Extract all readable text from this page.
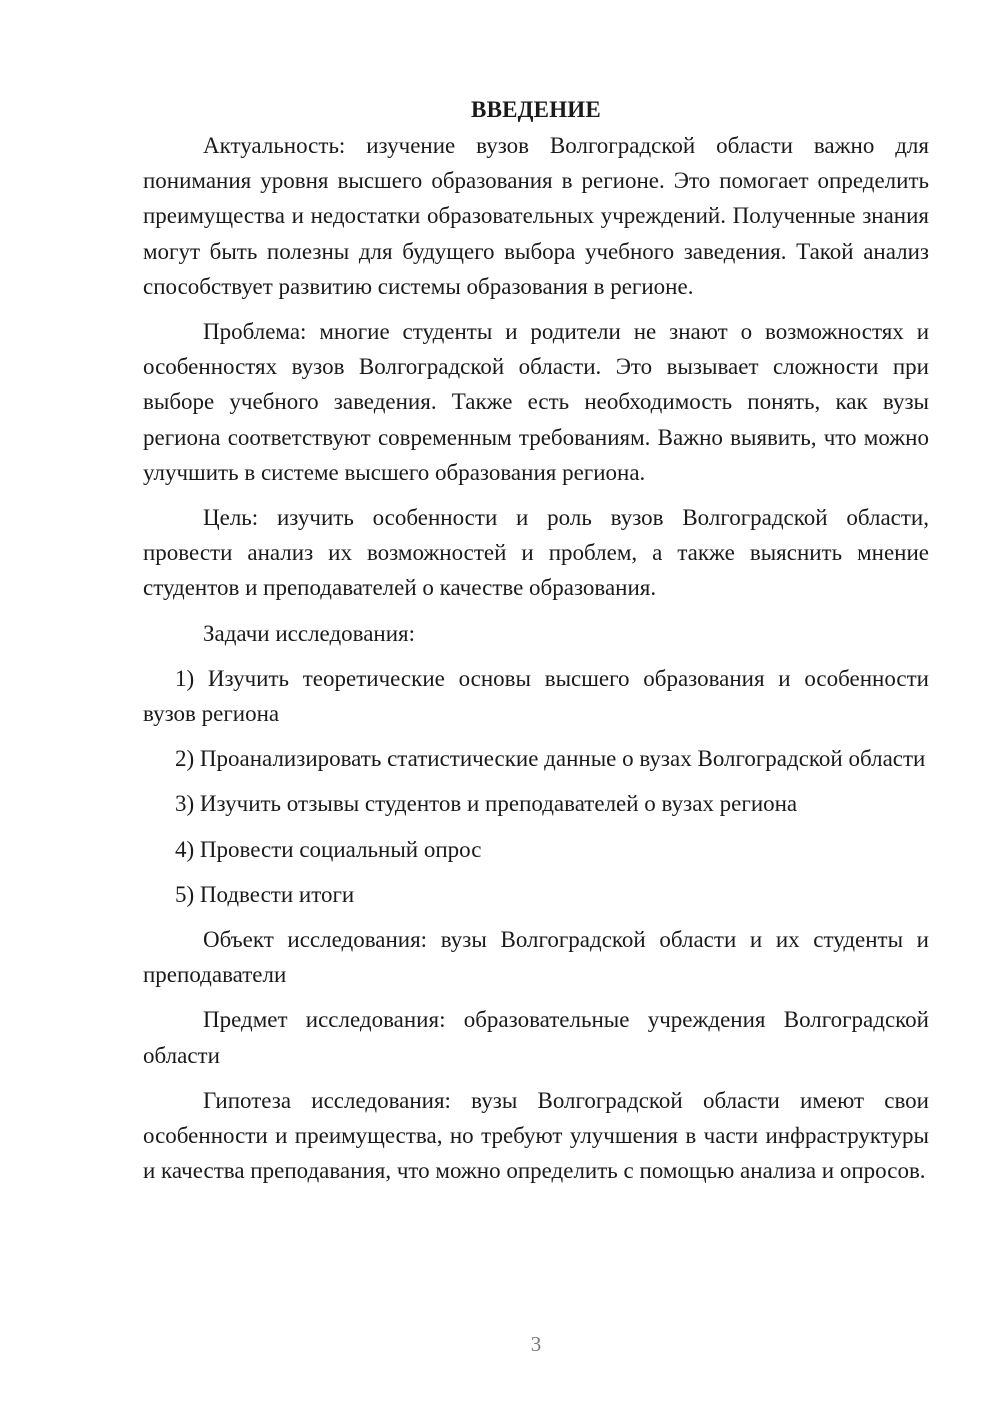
ВВЕДЕНИЕ

Актуальность: изучение вузов Волгоградской области важно для понимания уровня высшего образования в регионе. Это помогает определить преимущества и недостатки образовательных учреждений. Полученные знания могут быть полезны для будущего выбора учебного заведения. Такой анализ способствует развитию системы образования в регионе.

Проблема: многие студенты и родители не знают о возможностях и особенностях вузов Волгоградской области. Это вызывает сложности при выборе учебного заведения. Также есть необходимость понять, как вузы региона соответствуют современным требованиям. Важно выявить, что можно улучшить в системе высшего образования региона.

Цель: изучить особенности и роль вузов Волгоградской области, провести анализ их возможностей и проблем, а также выяснить мнение студентов и преподавателей о качестве образования.

Задачи исследования:

1) Изучить теоретические основы высшего образования и особенности вузов региона

2) Проанализировать статистические данные о вузах Волгоградской области

3) Изучить отзывы студентов и преподавателей о вузах региона

4) Провести социальный опрос

5) Подвести итоги

Объект исследования: вузы Волгоградской области и их студенты и преподаватели

Предмет исследования: образовательные учреждения Волгоградской области

Гипотеза исследования: вузы Волгоградской области имеют свои особенности и преимущества, но требуют улучшения в части инфраструктуры и качества преподавания, что можно определить с помощью анализа и опросов.

3
